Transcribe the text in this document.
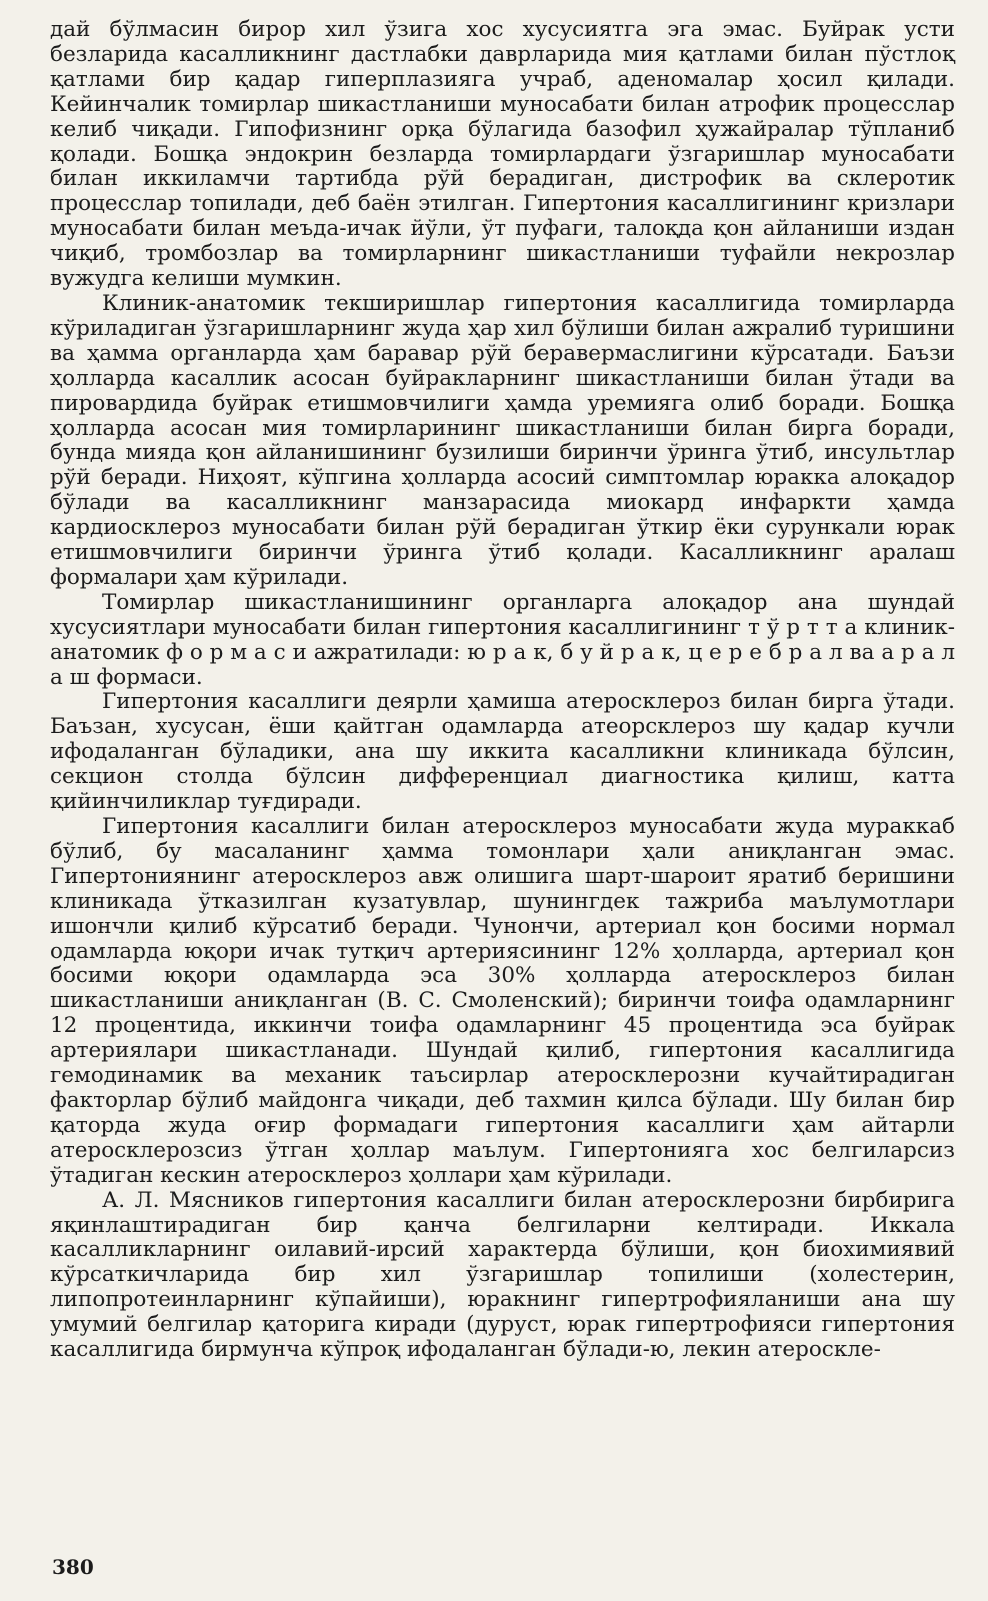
дай бўлмасин бирор хил ўзига хос хусусиятга эга эмас. Буйрак усти безларида касалликнинг дастлабки даврларида мия қатлами билан пўстлоқ қатлами бир қадар гиперплазияга учраб, аденомалар ҳосил қилади. Кейинчалик томирлар шикастланиши муносабати билан атрофик процесслар келиб чиқади. Гипофизнинг орқа бўлагида базофил ҳужайралар тўпланиб қолади. Бошқа эндокрин безларда томирлардаги ўзгаришлар муносабати билан иккиламчи тартибда рўй берадиган, дистрофик ва склеротик процесслар топилади, деб баён этилган. Гипертония касаллигининг кризлари муносабати билан меъда-ичак йўли, ўт пуфаги, талоқда қон айланиши издан чиқиб, тромбозлар ва томирларнинг шикастланиши туфайли некрозлар вужудга келиши мумкин.

Клиник-анатомик текширишлар гипертония касаллигида томирларда кўриладиган ўзгаришларнинг жуда ҳар хил бўлиши билан ажралиб туришини ва ҳамма органларда ҳам баравар рўй беравермаслигини кўрсатади. Баъзи ҳолларда касаллик асосан буйракларнинг шикастланиши билан ўтади ва пировардида буйрак етишмовчилиги ҳамда уремияга олиб боради. Бошқа ҳолларда асосан мия томирларининг шикастланиши билан бирга боради, бунда мияда қон айланишининг бузилиши биринчи ўринга ўтиб, инсультлар рўй беради. Ниҳоят, кўпгина ҳолларда асосий симптомлар юракка алоқадор бўлади ва касалликнинг манзарасида миокард инфаркти ҳамда кардиосклероз муносабати билан рўй берадиган ўткир ёки сурункали юрак етишмовчилиги биринчи ўринга ўтиб қолади. Касалликнинг аралаш формалари ҳам кўрилади.

Томирлар шикастланишининг органларга алоқадор ана шундай хусусиятлари муносабати билан гипертония касаллигининг т ў р т т а клиник-анатомик ф о р м а с и ажратилади: ю р а к, б у й р а к, ц е р е б р а л ва а р а л а ш формаси.

Гипертония касаллиги деярли ҳамиша атеросклероз билан бирга ўтади. Баъзан, хусусан, ёши қайтган одамларда атеорсклероз шу қадар кучли ифодаланган бўладики, ана шу иккита касалликни клиникада бўлсин, секцион столда бўлсин дифференциал диагностика қилиш, катта қийинчиликлар туғдиради.

Гипертония касаллиги билан атеросклероз муносабати жуда мураккаб бўлиб, бу масаланинг ҳамма томонлари ҳали аниқланган эмас. Гипертониянинг атеросклероз авж олишига шарт-шароит яратиб беришини клиникада ўтказилган кузатувлар, шунингдек тажриба маълумотлари ишончли қилиб кўрсатиб беради. Чунончи, артериал қон босими нормал одамларда юқори ичак тутқич артериясининг 12% ҳолларда, артериал қон босими юқори одамларда эса 30% ҳолларда атеросклероз билан шикастланиши аниқланган (В. С. Смоленский); биринчи тоифа одамларнинг 12 процентида, иккинчи тоифа одамларнинг 45 процентида эса буйрак артериялари шикастланади. Шундай қилиб, гипертония касаллигида гемодинамик ва механик таъсирлар атеросклерозни кучайтирадиган факторлар бўлиб майдонга чиқади, деб тахмин қилса бўлади. Шу билан бир қаторда жуда оғир формадаги гипертония касаллиги ҳам айтарли атеросклерозсиз ўтган ҳоллар маълум. Гипертонияга хос белгиларсиз ўтадиган кескин атеросклероз ҳоллари ҳам кўрилади.

А. Л. Мясников гипертония касаллиги билан атеросклерозни бирбирига яқинлаштирадиган бир қанча белгиларни келтиради. Иккала касалликларнинг оилавий-ирсий характерда бўлиши, қон биохимиявий кўрсаткичларида бир хил ўзгаришлар топилиши (холестерин, липопротеинларнинг кўпайиши), юракнинг гипертрофияланиши ана шу умумий белгилар қаторига киради (дуруст, юрак гипертрофияси гипертония касаллигида бирмунча кўпроқ ифодаланган бўлади-ю, лекин атероскле-

380
